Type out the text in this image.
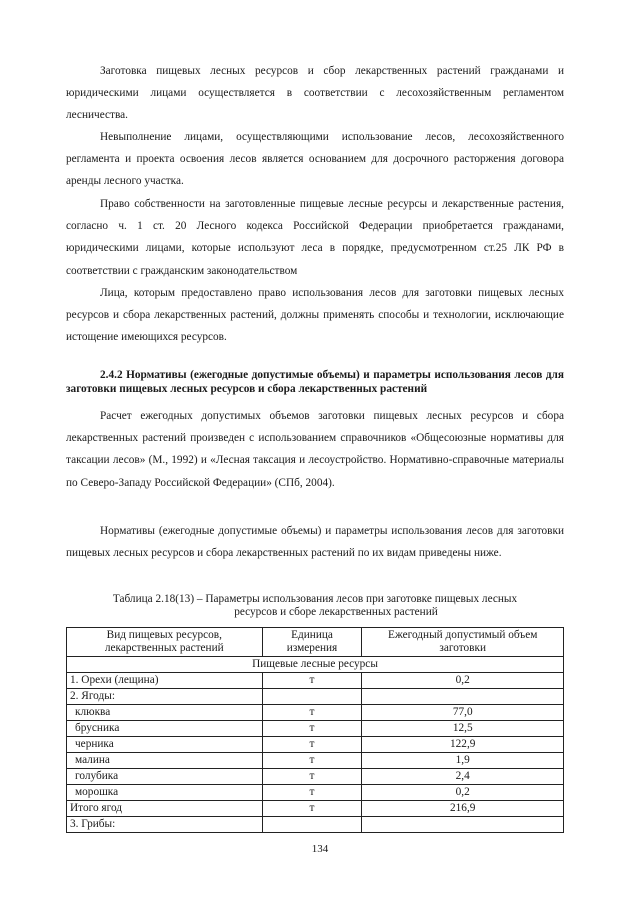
Заготовка пищевых лесных ресурсов и сбор лекарственных растений гражданами и юридическими лицами осуществляется в соответствии с лесохозяйственным регламентом лесничества.

Невыполнение лицами, осуществляющими использование лесов, лесохозяйственного регламента и проекта освоения лесов является основанием для досрочного расторжения договора аренды лесного участка.

Право собственности на заготовленные пищевые лесные ресурсы и лекарственные растения, согласно ч. 1 ст. 20 Лесного кодекса Российской Федерации приобретается гражданами, юридическими лицами, которые используют леса в порядке, предусмотренном ст.25 ЛК РФ в соответствии с гражданским законодательством

Лица, которым предоставлено право использования лесов для заготовки пищевых лесных ресурсов и сбора лекарственных растений, должны применять способы и технологии, исключающие истощение имеющихся ресурсов.

2.4.2 Нормативы (ежегодные допустимые объемы) и параметры использования лесов для заготовки пищевых лесных ресурсов и сбора лекарственных растений

Расчет ежегодных допустимых объемов заготовки пищевых лесных ресурсов и сбора лекарственных растений произведен с использованием справочников «Общесоюзные нормативы для таксации лесов» (М., 1992) и «Лесная таксация и лесоустройство. Нормативно-справочные материалы по Северо-Западу Российской Федерации» (СПб, 2004).

Нормативы (ежегодные допустимые объемы) и параметры использования лесов для заготовки пищевых лесных ресурсов и сбора лекарственных растений по их видам приведены ниже.

Таблица 2.18(13) – Параметры использования лесов при заготовке пищевых лесных
ресурсов и сборе лекарственных растений

Вид пищевых ресурсов, лекарственных растений	Единица измерения	Ежегодный допустимый объем заготовки
Пищевые лесные ресурсы		
1. Орехи (лещина)	т	0,2
2. Ягоды:		
клюква	т	77,0
брусника	т	12,5
черника	т	122,9
малина	т	1,9
голубика	т	2,4
морошка	т	0,2
Итого ягод	т	216,9
3. Грибы:		
134
